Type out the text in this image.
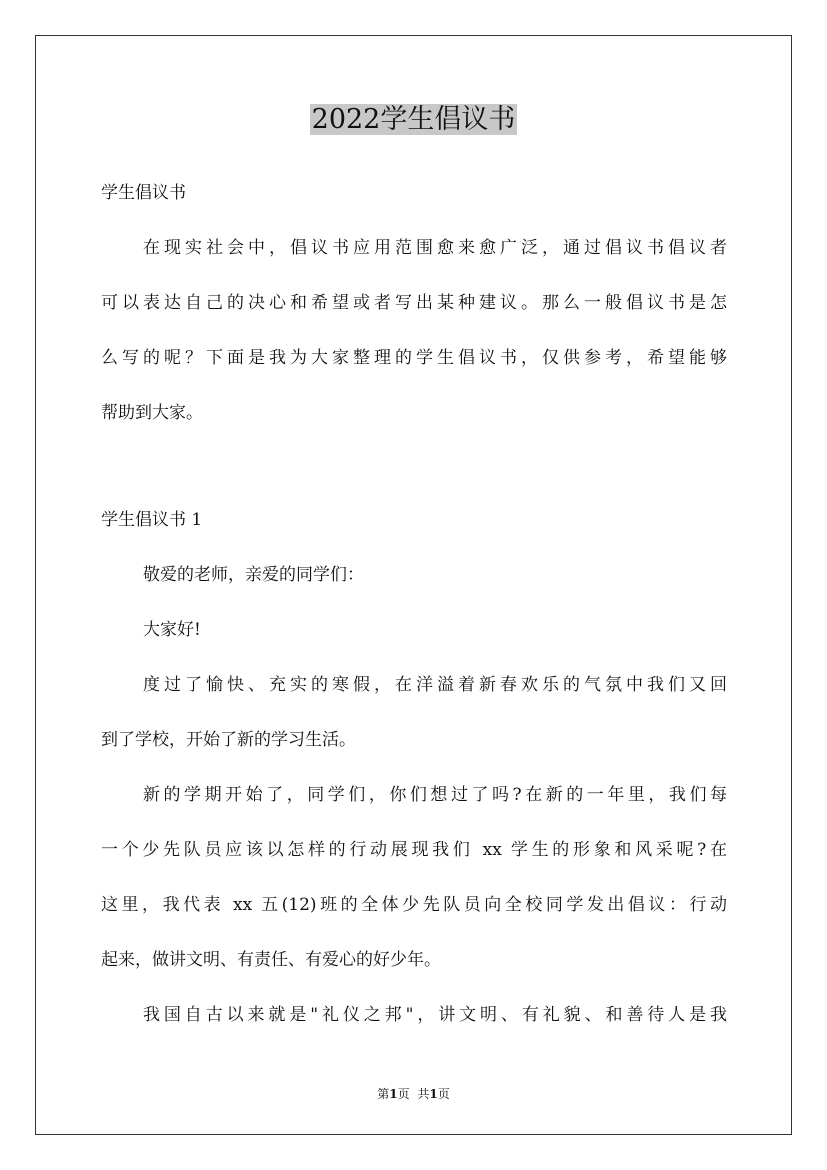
2022学生倡议书
学生倡议书
在现实社会中，倡议书应用范围愈来愈广泛，通过倡议书倡议者
可以表达自己的决心和希望或者写出某种建议。那么一般倡议书是怎
么写的呢？下面是我为大家整理的学生倡议书，仅供参考，希望能够
帮助到大家。
学生倡议书 1
敬爱的老师，亲爱的同学们：
大家好!
度过了愉快、充实的寒假，在洋溢着新春欢乐的气氛中我们又回
到了学校，开始了新的学习生活。
新的学期开始了，同学们，你们想过了吗?在新的一年里，我们每
一个少先队员应该以怎样的行动展现我们 xx 学生的形象和风采呢?在
这里，我代表 xx 五(12)班的全体少先队员向全校同学发出倡议：行动
起来，做讲文明、有责任、有爱心的好少年。
我国自古以来就是"礼仪之邦"，讲文明、有礼貌、和善待人是我
第1页 共1页
